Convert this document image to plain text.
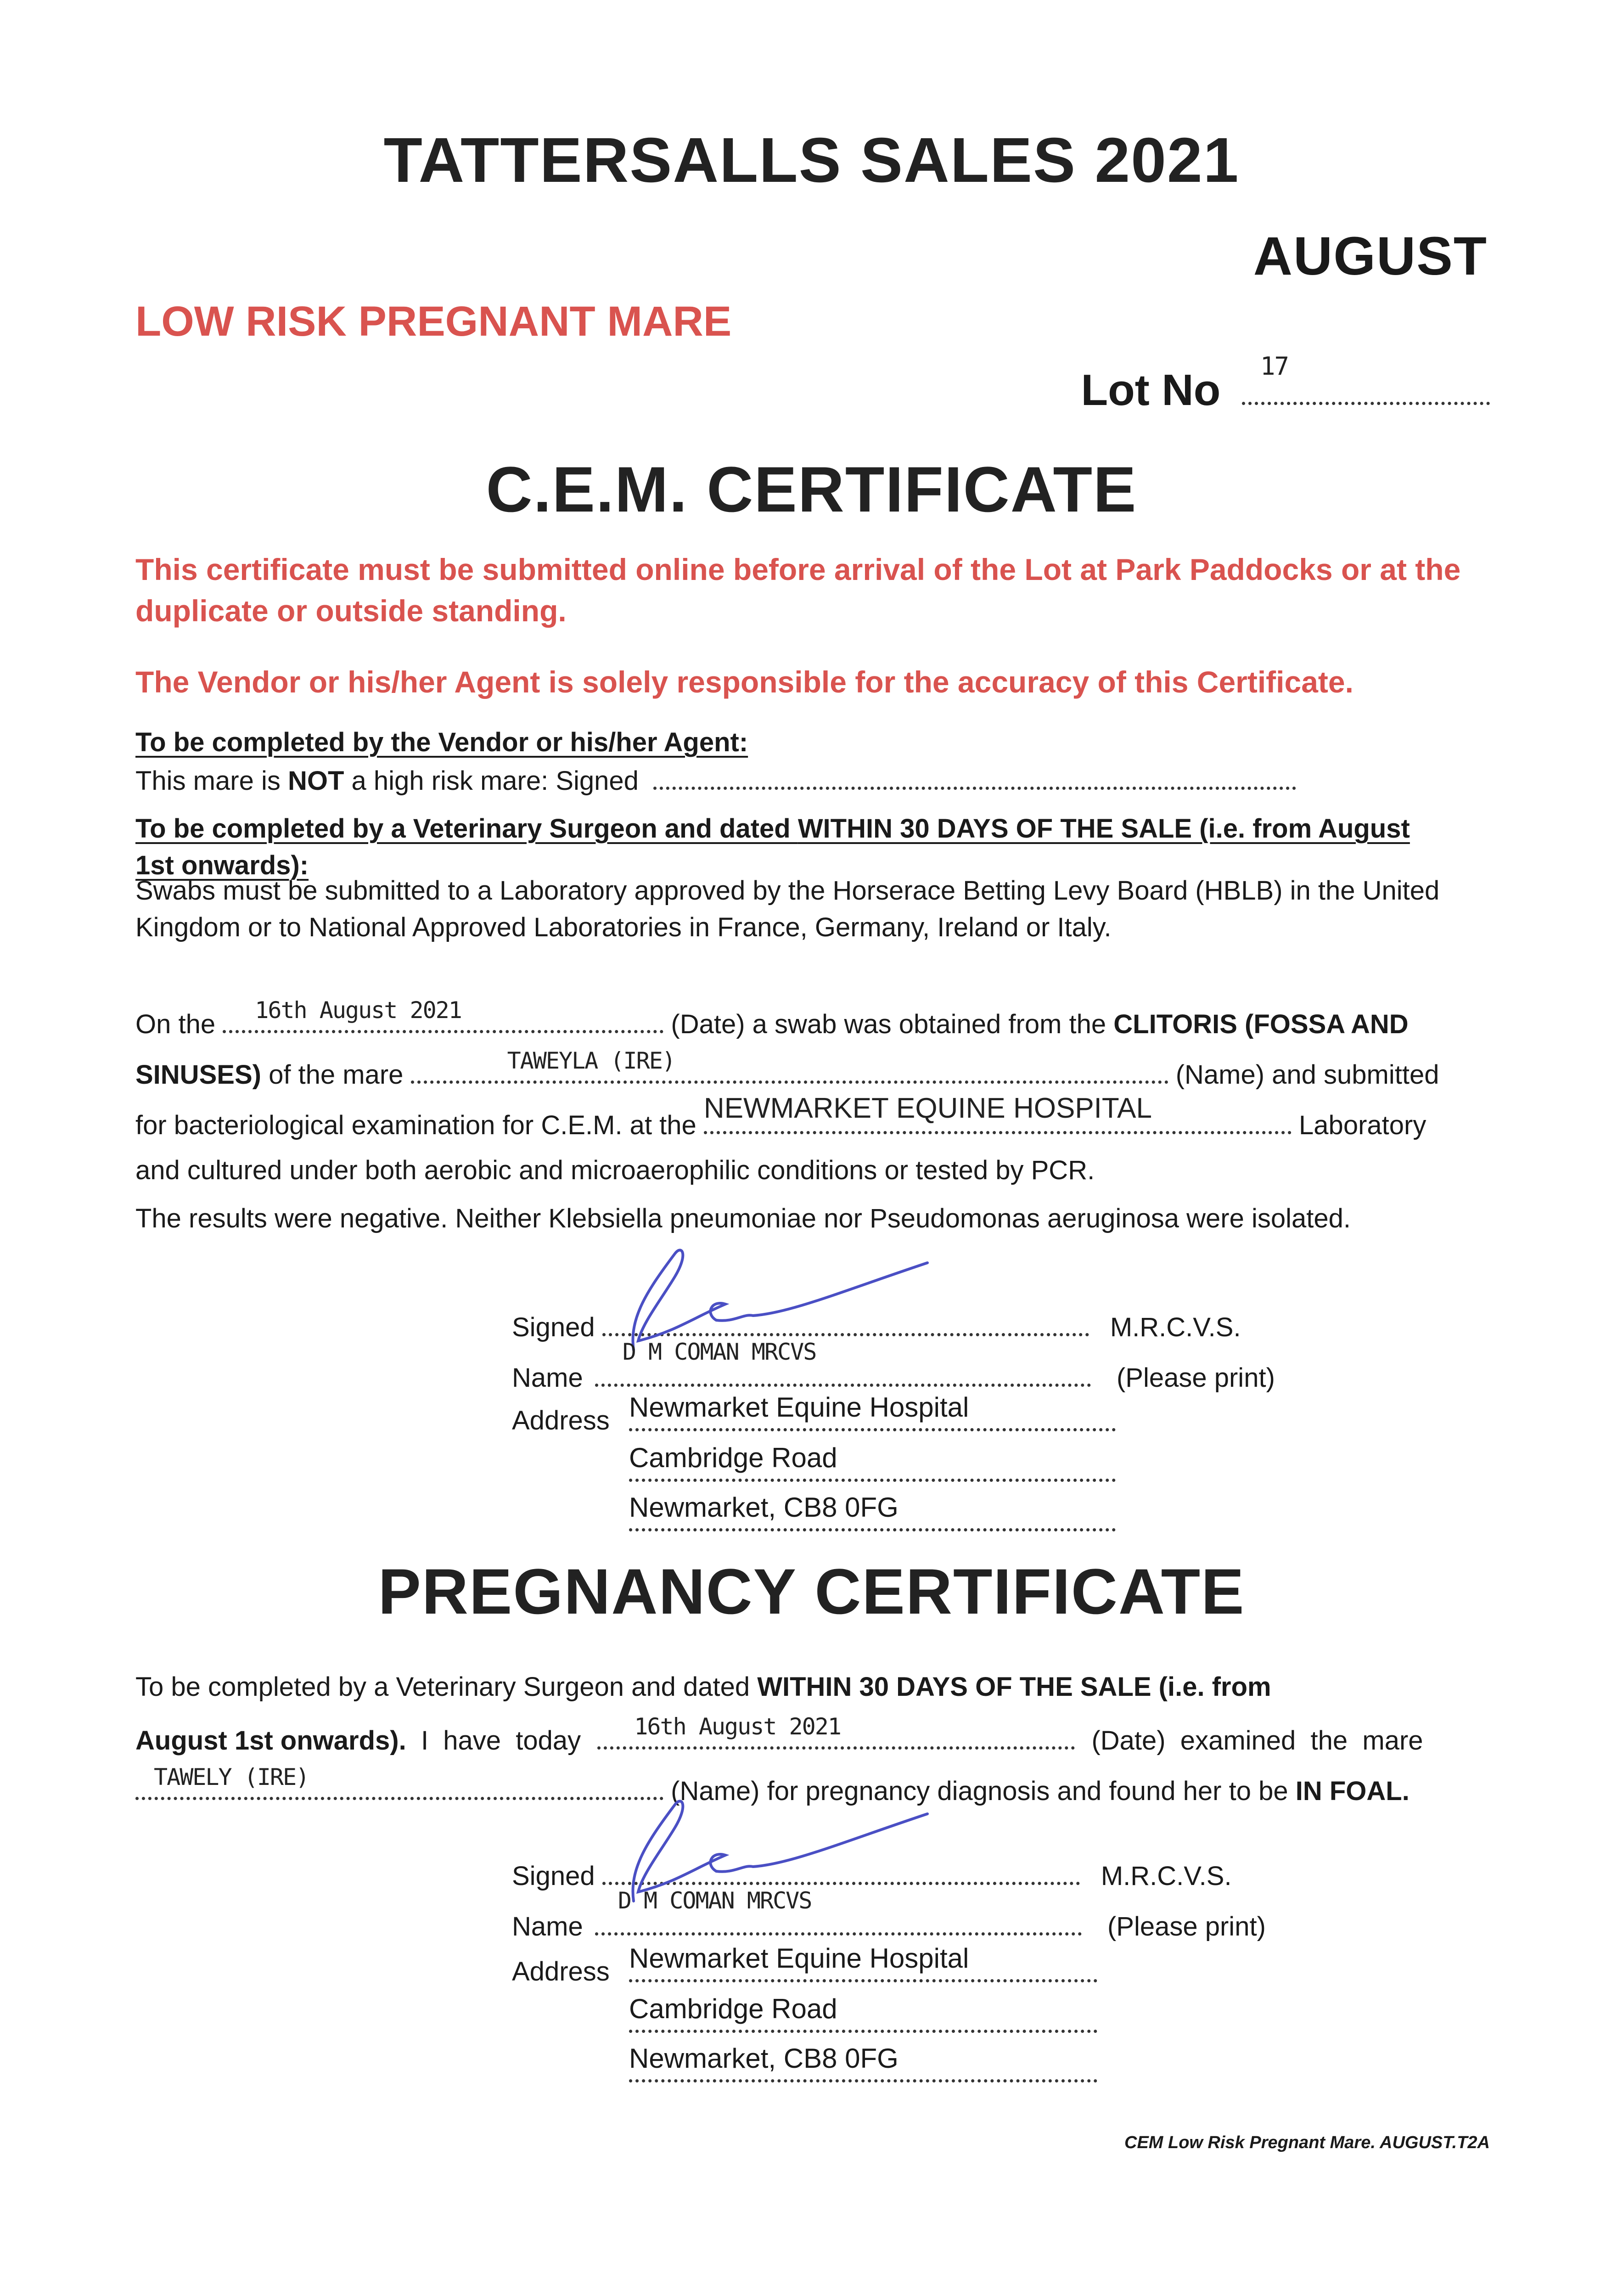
TATTERSALLS SALES 2021
AUGUST
LOW RISK PREGNANT MARE
Lot No 17
C.E.M. CERTIFICATE
This certificate must be submitted online before arrival of the Lot at Park Paddocks or at the duplicate or outside standing.
The Vendor or his/her Agent is solely responsible for the accuracy of this Certificate.
To be completed by the Vendor or his/her Agent:
This mare is NOT a high risk mare: Signed
To be completed by a Veterinary Surgeon and dated WITHIN 30 DAYS OF THE SALE (i.e. from August 1st onwards):
Swabs must be submitted to a Laboratory approved by the Horserace Betting Levy Board (HBLB) in the United Kingdom or to National Approved Laboratories in France, Germany, Ireland or Italy.
On the 16th August 2021	(Date) a swab was obtained from the CLITORIS (FOSSA AND
SINUSES) of the mare	TAWEYLA (IRE)	(Name) and submitted
for bacteriological examination for C.E.M. at the
NEWMARKET EQUINE HOSPITAL
Laboratory
and cultured under both aerobic and microaerophilic conditions or tested by PCR.
The results were negative. Neither Klebsiella pneumoniae nor Pseudomonas aeruginosa were isolated.
Signed	M.R.C.V.S.
Name
D M COMAN MRCVS
(Please print)
Address Newmarket Equine Hospital
Cambridge Road
Newmarket, CB8 0FG
PREGNANCY CERTIFICATE
To be completed by a Veterinary Surgeon and dated WITHIN 30 DAYS OF THE SALE (i.e. from
August 1st onwards).  I  have  today 16th August 2021	(Date)  examined  the  mare
TAWELY (IRE)	(Name) for pregnancy diagnosis and found her to be IN FOAL.
Signed	M.R.C.V.S.
Name
D M COMAN MRCVS
(Please print)
Address Newmarket Equine Hospital
Cambridge Road
Newmarket, CB8 0FG
CEM Low Risk Pregnant Mare. AUGUST.T2A
